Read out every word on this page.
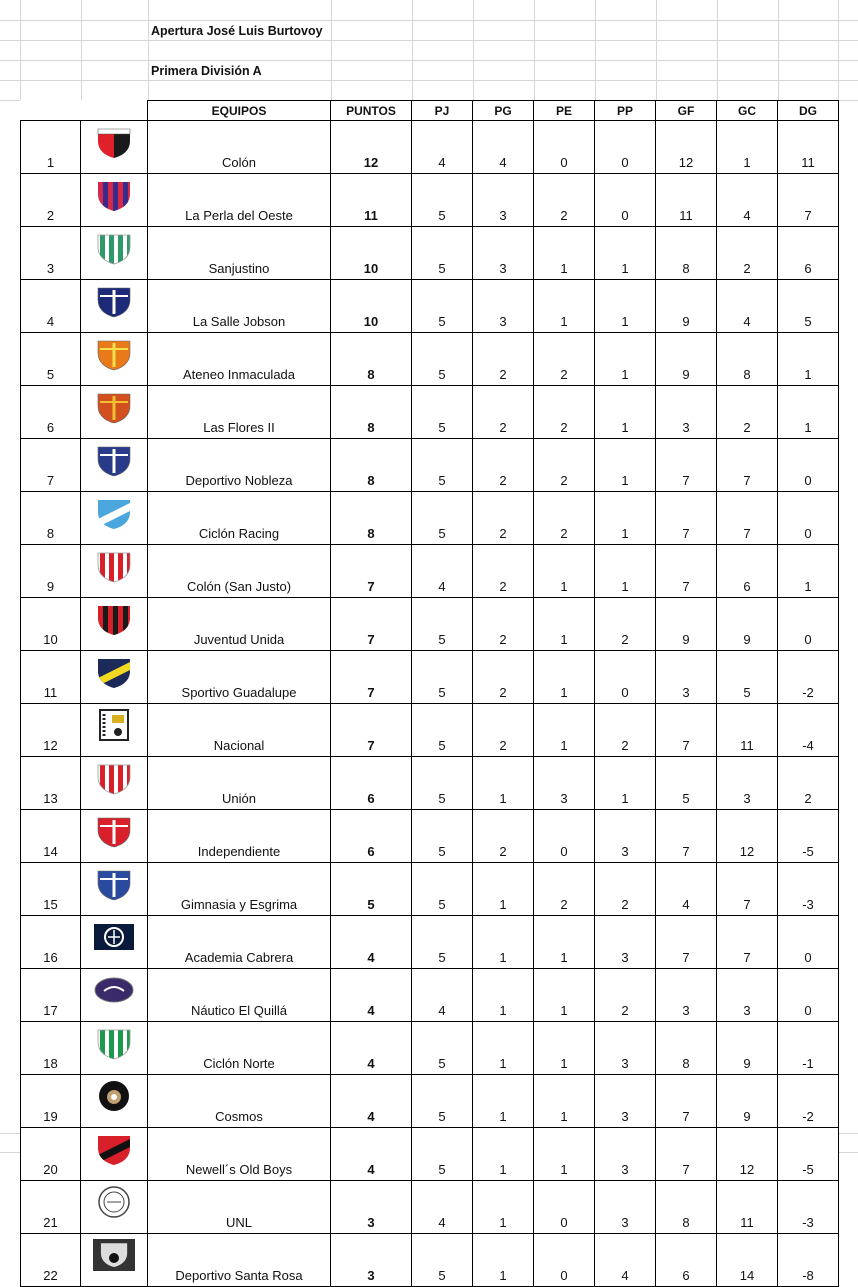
Apertura José Luis Burtovoy
Primera División A
		EQUIPOS	PUNTOS	PJ	PG	PE	PP	GF	GC	DG
1		Colón	12	4	4	0	0	12	1	11
2		La Perla del Oeste	11	5	3	2	0	11	4	7
3		Sanjustino	10	5	3	1	1	8	2	6
4		La Salle Jobson	10	5	3	1	1	9	4	5
5		Ateneo Inmaculada	8	5	2	2	1	9	8	1
6		Las Flores II	8	5	2	2	1	3	2	1
7		Deportivo Nobleza	8	5	2	2	1	7	7	0
8		Ciclón Racing	8	5	2	2	1	7	7	0
9		Colón (San Justo)	7	4	2	1	1	7	6	1
10		Juventud Unida	7	5	2	1	2	9	9	0
11		Sportivo Guadalupe	7	5	2	1	0	3	5	-2
12		Nacional	7	5	2	1	2	7	11	-4
13		Unión	6	5	1	3	1	5	3	2
14		Independiente	6	5	2	0	3	7	12	-5
15		Gimnasia y Esgrima	5	5	1	2	2	4	7	-3
16		Academia Cabrera	4	5	1	1	3	7	7	0
17		Náutico El Quillá	4	4	1	1	2	3	3	0
18		Ciclón Norte	4	5	1	1	3	8	9	-1
19		Cosmos	4	5	1	1	3	7	9	-2
20		Newell´s Old Boys	4	5	1	1	3	7	12	-5
21		UNL	3	4	1	0	3	8	11	-3
22		Deportivo Santa Rosa	3	5	1	0	4	6	14	-8
